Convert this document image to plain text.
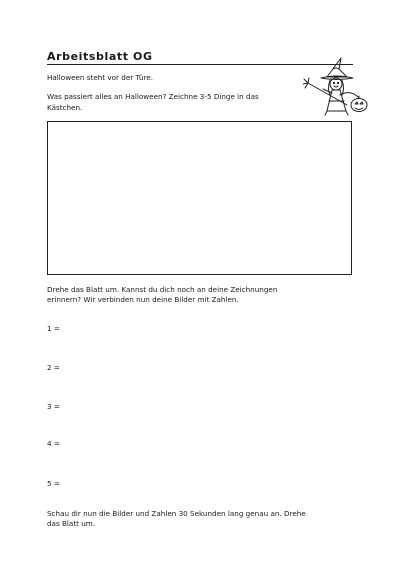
Arbeitsblatt OG

Halloween steht vor der Türe.

Was passiert alles an Halloween? Zeichne 3-5 Dinge in das

Kästchen.

Drehe das Blatt um. Kannst du dich noch an deine Zeichnungen

erinnern? Wir verbinden nun deine Bilder mit Zahlen.

1 =

2 =

3 =

4 =

5 =

Schau dir nun die Bilder und Zahlen 30 Sekunden lang genau an. Drehe

das Blatt um.
